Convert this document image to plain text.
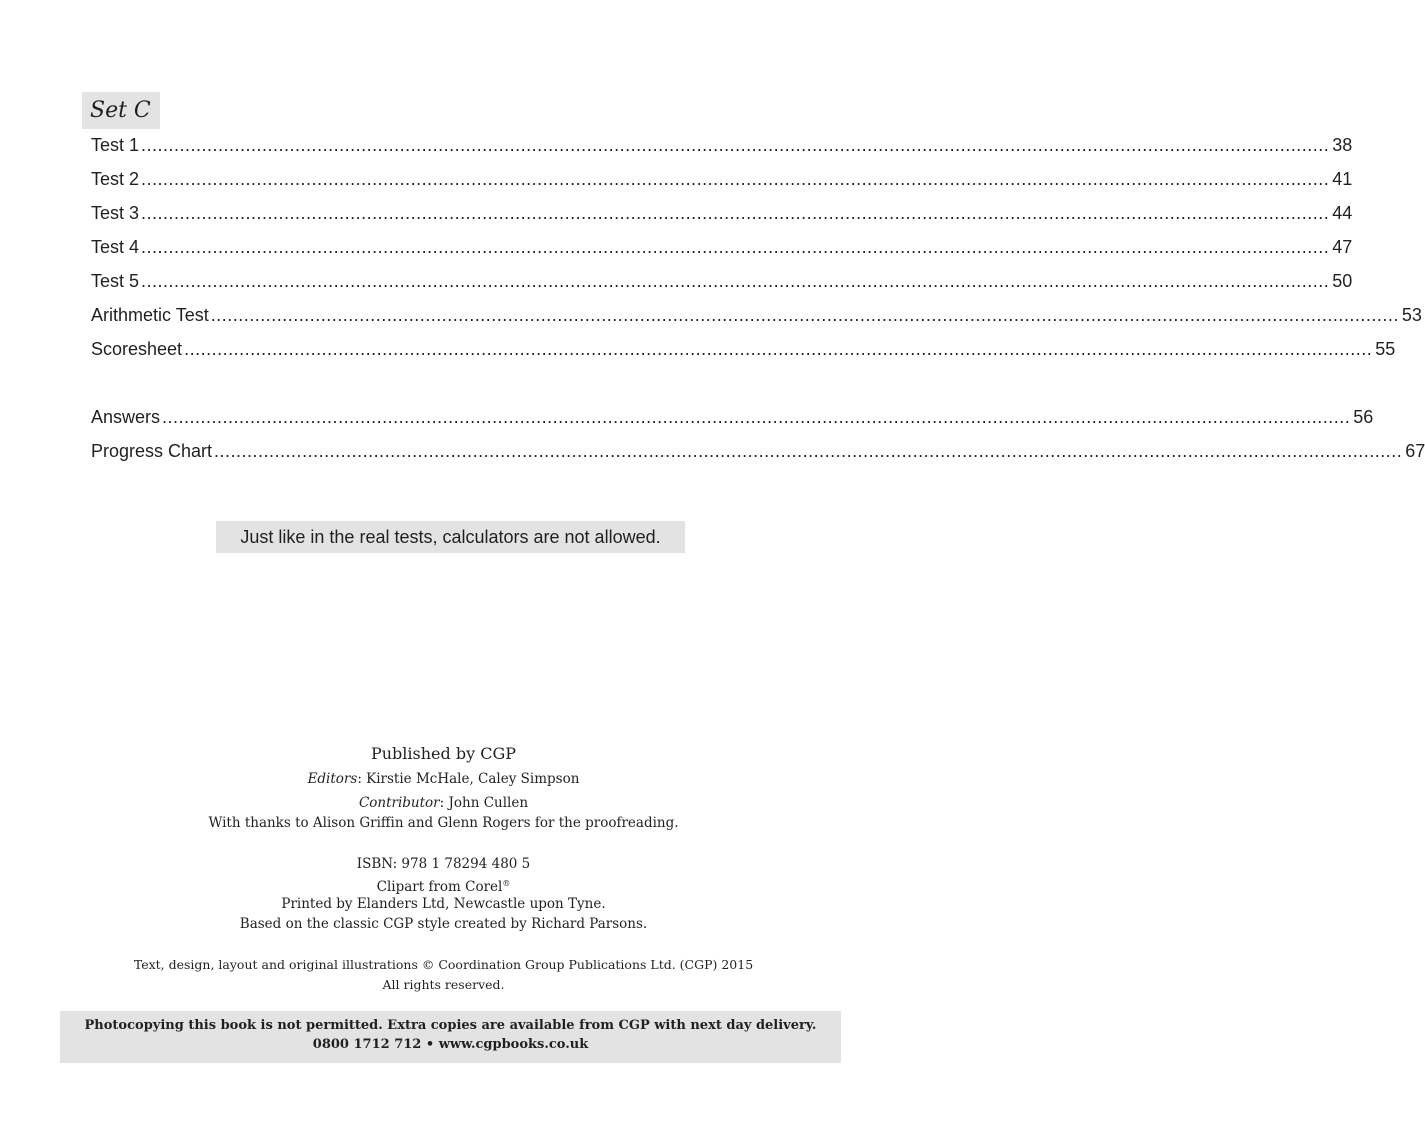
Set C
Test 1 ........................................................................................................................................................................................................................ 38
Test 2 ........................................................................................................................................................................................................................ 41
Test 3 ........................................................................................................................................................................................................................ 44
Test 4 ........................................................................................................................................................................................................................ 47
Test 5 ........................................................................................................................................................................................................................ 50
Arithmetic Test ........................................................................................................................................................................................................................ 53
Scoresheet ........................................................................................................................................................................................................................ 55
Answers ........................................................................................................................................................................................................................ 56
Progress Chart ........................................................................................................................................................................................................................ 67
Just like in the real tests, calculators are not allowed.
Published by CGP
Editors: Kirstie McHale, Caley Simpson
Contributor: John Cullen
With thanks to Alison Griffin and Glenn Rogers for the proofreading.
ISBN: 978 1 78294 480 5
Clipart from Corel®
Printed by Elanders Ltd, Newcastle upon Tyne.
Based on the classic CGP style created by Richard Parsons.
Text, design, layout and original illustrations © Coordination Group Publications Ltd. (CGP) 2015
All rights reserved.
Photocopying this book is not permitted. Extra copies are available from CGP with next day delivery.
0800 1712 712 • www.cgpbooks.co.uk
